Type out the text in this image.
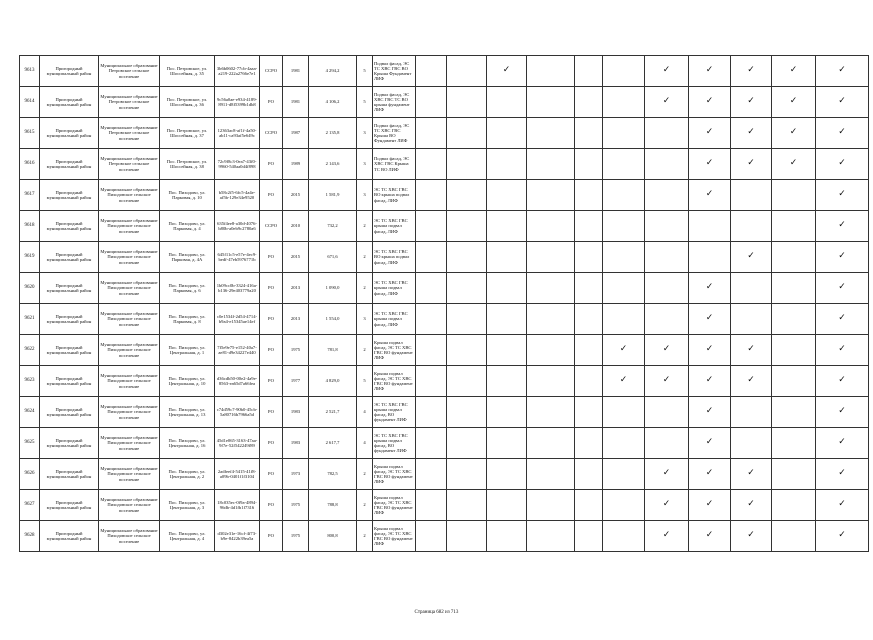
9613	Пригородный муниципальный район	Муниципальное образование Петровское сельское поселение	Пос. Петровское, ул. Шоссейная, д. 35	3b6b0602-77cb-4aaa-a219-222a2766e7e1	ССРО	1981	4 294,2	5	Подвал фасад, ЭС ТС ХВС ГВС ВО Крыша Фундамент ЛИФ			✓				✓	✓	✓	✓	✓
9614	Пригородный муниципальный район	Муниципальное образование Петровское сельское поселение	Пос. Петровское, ул. Шоссейная, д. 36	9c56a0ae-e934-4189-8911-d8f5399b1db8	РО	1981	4 106,2	5	Подвал фасад, ЭС ХВС ГВС ТС ВО крыша фундамент ЛИФ							✓	✓	✓	✓	✓
9615	Пригородный муниципальный район	Муниципальное образование Петровское сельское поселение	Пос. Петровское, ул. Шоссейная, д. 37	12363ac8-af1f-4a50-ab11-ca93af5e649c	ССРО	1987	2 135,8	3	Подвал фасад, ЭС ТС ХВС ГВС Крыша ВО Фундамент ЛИФ								✓	✓	✓	✓
9616	Пригородный муниципальный район	Муниципальное образование Петровское сельское поселение	Пос. Петровское, ул. Шоссейная, д. 38	72c9f8c3-0ea7-43f0-9960-540aa0d4f898	РО	1989	2 143,6	3	Подвал фасад, ЭС ХВС ГВС Крыша ТС ВО ЛИФ								✓	✓	✓	✓
9617	Пригородный муниципальный район	Муниципальное образование Пиходовское сельское поселение	Пос. Пиходово, ул. Парковая, д. 10	b58c2f5-6fc5-4a4e-af5b-129e34e9520	РО	2015	1 581,9	3	ЭС ТС ХВС ГВС ВО крыша подвал фасад, ЛИФ								✓			✓
9618	Пригородный муниципальный район	Муниципальное образование Пиходовское сельское поселение	Пос. Пиходово, ул. Парковая, д. 4	635f4ee8-a30d-4076-b80b-a0eb9c2780a6	ССРО	2010	732,2	2	ЭС ТС ХВС ГВС крыша подвал фасад, ЛИФ											✓
9619	Пригородный муниципальный район	Муниципальное образование Пиходовское сельское поселение	Пос. Пиходово, ул. Парковая, д. 4А	645f11c5-e57e-4ec9-bedf-47eb5976771b	РО	2015	671,6	2	ЭС ТС ХВС ГВС ВО крыша подвал фасад, ЛИФ									✓		✓
9620	Пригородный муниципальный район	Муниципальное образование Пиходовское сельское поселение	Пос. Пиходово, ул. Парковая, д. 6	1b09cc0b-3324-416a-b136-29e403779a20	РО	2013	1 090,0	2	ЭС ТС ХВС ГВС крыша подвал фасад, ЛИФ								✓			✓
9621	Пригородный муниципальный район	Муниципальное образование Пиходовское сельское поселение	Пос. Пиходово, ул. Парковая, д. 8	c0e1534f-2d54-4714-b9a4-e15345ae14ef	РО	2013	1 554,0	3	ЭС ТС ХВС ГВС крыша подвал фасад, ЛИФ								✓			✓
9622	Пригородный муниципальный район	Муниципальное образование Пиходовское сельское поселение	Пос. Пиходово, ул. Центральная, д. 1	7f5e9e75-e152-40a7-ae81-d9e34227e440	РО	1975	781,8	2	Крыша подвал фасад, ЭС ТС ХВС ГВС ВО фундамент ЛИФ						✓	✓	✓	✓		✓
9623	Пригородный муниципальный район	Муниципальное образование Пиходовское сельское поселение	Пос. Пиходово, ул. Центральная, д. 10	d36cdb50-00e2-4a9e-8563-ea65d7a66fea	РО	1977	4 829,0	5	Крыша подвал фасад, ЭС ТС ХВС ГВС ВО фундамент ЛИФ						✓	✓	✓	✓		✓
9624	Пригородный муниципальный район	Муниципальное образование Пиходовское сельское поселение	Пос. Пиходово, ул. Центральная, д. 13	c74d59c7-90b0-45cb-5a80716b7966a5d	РО	1983	2 521,7	4	ЭС ТС ХВС ГВС крыша подвал фасад, ВО фундамент ЛИФ								✓			✓
9625	Пригородный муниципальный район	Муниципальное образование Пиходовское сельское поселение	Пос. Пиходово, ул. Центральная, д. 16	45d1e065-3163-47aa-9f7e-52f542249f89	РО	1983	2 617,7	4	ЭС ТС ХВС ГВС крыша подвал фасад, ВО фундамент ЛИФ								✓			✓
9626	Пригородный муниципальный район	Муниципальное образование Пиходовское сельское поселение	Пос. Пиходово, ул. Центральная, д. 2	2adfeef4-5415-41f8-a09b-0401f1f3104	РО	1973	782,5	2	Крыша подвал фасад, ЭС ТС ХВС ГВС ВО фундамент ЛИФ							✓	✓	✓		✓
9627	Пригородный муниципальный район	Муниципальное образование Пиходовское сельское поселение	Пос. Пиходово, ул. Центральная, д. 3	18c035ec-0f9a-4894-96db-4d1fb1f7316	РО	1975	788,8	2	Крыша подвал фасад, ЭС ТС ХВС ГВС ВО фундамент ЛИФ							✓	✓	✓		✓
9628	Пригородный муниципальный район	Муниципальное образование Пиходовское сельское поселение	Пос. Пиходово, ул. Центральная, д. 4	d302e31e-16cf-4f73-b9e-8422b39ea5a	РО	1975	800,8	2	Крыша подвал фасад, ЭС ТС ХВС ГВС ВО фундамент ЛИФ							✓	✓	✓		✓
Страница 682 из 713
